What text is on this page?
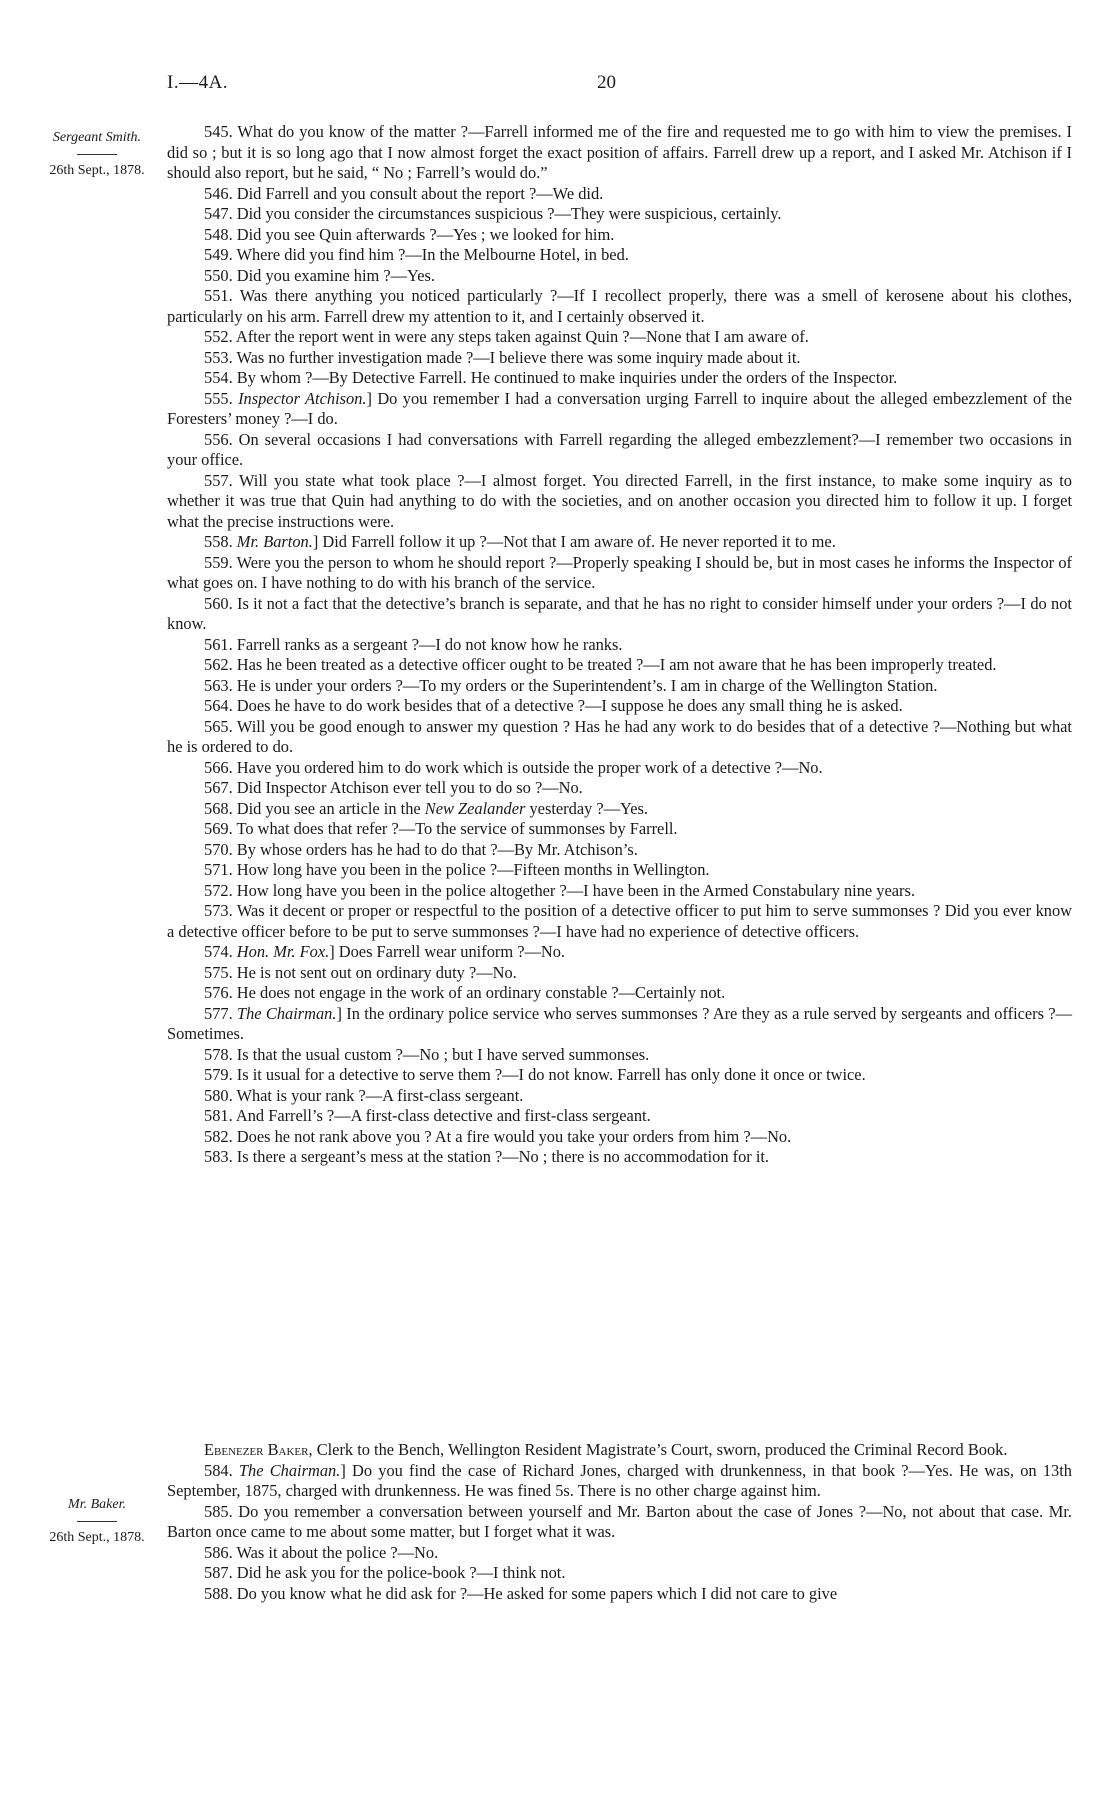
I.—4A.	20
Sergeant Smith.
26th Sept., 1878.

545. What do you know of the matter ?—Farrell informed me of the fire and requested me to go with him to view the premises. I did so ; but it is so long ago that I now almost forget the exact position of affairs. Farrell drew up a report, and I asked Mr. Atchison if I should also report, but he said, “ No ; Farrell’s would do.”

546. Did Farrell and you consult about the report ?—We did.

547. Did you consider the circumstances suspicious ?—They were suspicious, certainly.

548. Did you see Quin afterwards ?—Yes ; we looked for him.

549. Where did you find him ?—In the Melbourne Hotel, in bed.

550. Did you examine him ?—Yes.

551. Was there anything you noticed particularly ?—If I recollect properly, there was a smell of kerosene about his clothes, particularly on his arm. Farrell drew my attention to it, and I certainly observed it.

552. After the report went in were any steps taken against Quin ?—None that I am aware of.

553. Was no further investigation made ?—I believe there was some inquiry made about it.

554. By whom ?—By Detective Farrell. He continued to make inquiries under the orders of the Inspector.

555. Inspector Atchison.] Do you remember I had a conversation urging Farrell to inquire about the alleged embezzlement of the Foresters’ money ?—I do.

556. On several occasions I had conversations with Farrell regarding the alleged embezzlement?—I remember two occasions in your office.

557. Will you state what took place ?—I almost forget. You directed Farrell, in the first instance, to make some inquiry as to whether it was true that Quin had anything to do with the societies, and on another occasion you directed him to follow it up. I forget what the precise instructions were.

558. Mr. Barton.] Did Farrell follow it up ?—Not that I am aware of. He never reported it to me.

559. Were you the person to whom he should report ?—Properly speaking I should be, but in most cases he informs the Inspector of what goes on. I have nothing to do with his branch of the service.

560. Is it not a fact that the detective’s branch is separate, and that he has no right to consider himself under your orders ?—I do not know.

561. Farrell ranks as a sergeant ?—I do not know how he ranks.

562. Has he been treated as a detective officer ought to be treated ?—I am not aware that he has been improperly treated.

563. He is under your orders ?—To my orders or the Superintendent’s. I am in charge of the Wellington Station.

564. Does he have to do work besides that of a detective ?—I suppose he does any small thing he is asked.

565. Will you be good enough to answer my question ? Has he had any work to do besides that of a detective ?—Nothing but what he is ordered to do.

566. Have you ordered him to do work which is outside the proper work of a detective ?—No.

567. Did Inspector Atchison ever tell you to do so ?—No.

568. Did you see an article in the New Zealander yesterday ?—Yes.

569. To what does that refer ?—To the service of summonses by Farrell.

570. By whose orders has he had to do that ?—By Mr. Atchison’s.

571. How long have you been in the police ?—Fifteen months in Wellington.

572. How long have you been in the police altogether ?—I have been in the Armed Constabulary nine years.

573. Was it decent or proper or respectful to the position of a detective officer to put him to serve summonses ? Did you ever know a detective officer before to be put to serve summonses ?—I have had no experience of detective officers.

574. Hon. Mr. Fox.] Does Farrell wear uniform ?—No.

575. He is not sent out on ordinary duty ?—No.

576. He does not engage in the work of an ordinary constable ?—Certainly not.

577. The Chairman.] In the ordinary police service who serves summonses ? Are they as a rule served by sergeants and officers ?—Sometimes.

578. Is that the usual custom ?—No ; but I have served summonses.

579. Is it usual for a detective to serve them ?—I do not know. Farrell has only done it once or twice.

580. What is your rank ?—A first-class sergeant.

581. And Farrell’s ?—A first-class detective and first-class sergeant.

582. Does he not rank above you ? At a fire would you take your orders from him ?—No.

583. Is there a sergeant’s mess at the station ?—No ; there is no accommodation for it.

Mr. Baker.
26th Sept., 1878.

Ebenezer Baker, Clerk to the Bench, Wellington Resident Magistrate’s Court, sworn, produced the Criminal Record Book.

584. The Chairman.] Do you find the case of Richard Jones, charged with drunkenness, in that book ?—Yes. He was, on 13th September, 1875, charged with drunkenness. He was fined 5s. There is no other charge against him.

585. Do you remember a conversation between yourself and Mr. Barton about the case of Jones ?—No, not about that case. Mr. Barton once came to me about some matter, but I forget what it was.

586. Was it about the police ?—No.

587. Did he ask you for the police-book ?—I think not.

588. Do you know what he did ask for ?—He asked for some papers which I did not care to give
